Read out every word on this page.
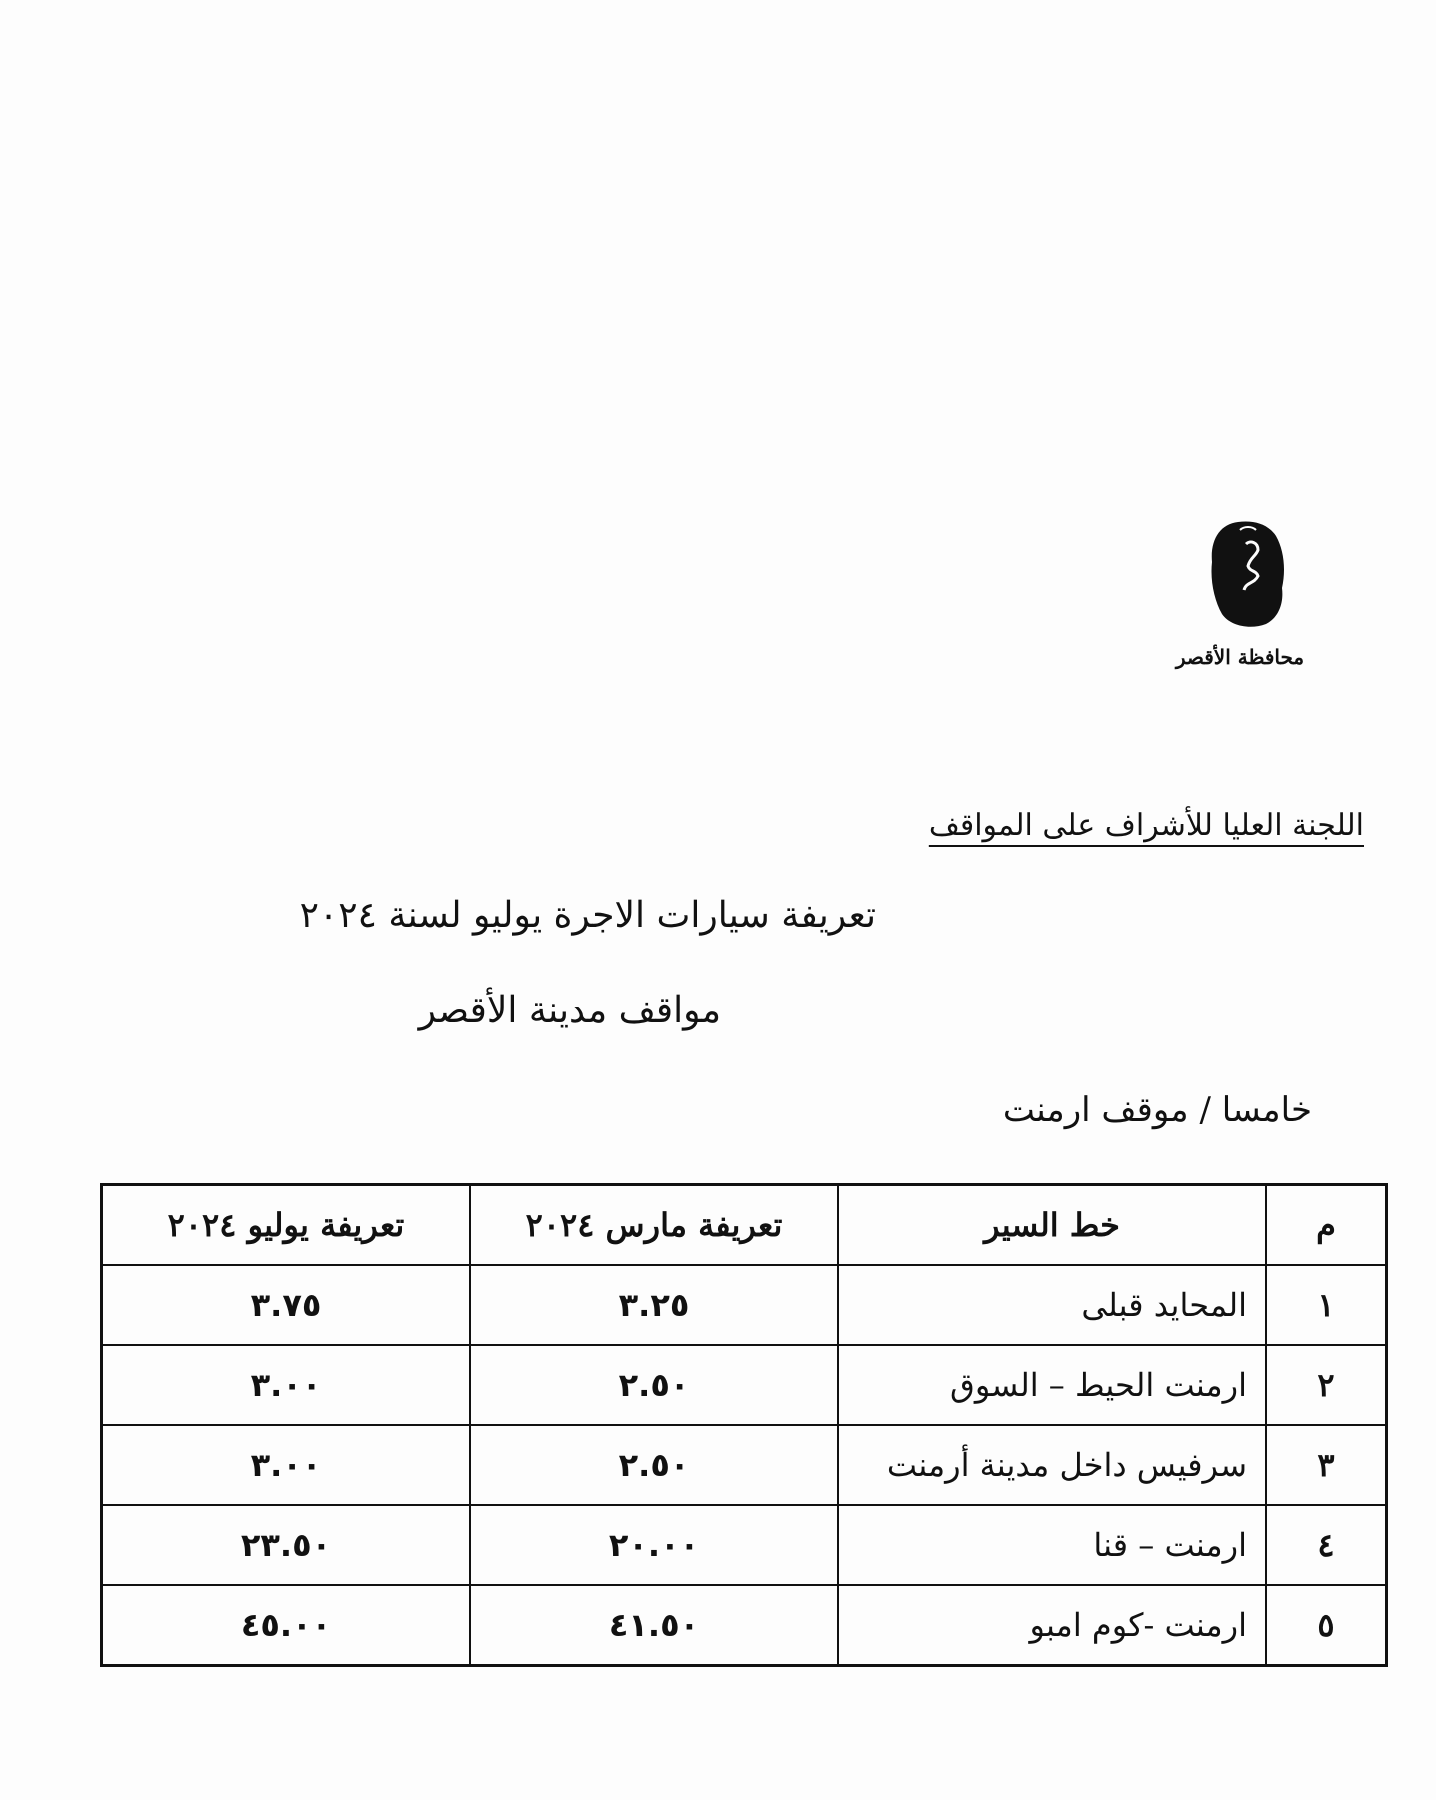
محافظة الأقصر
اللجنة العليا للأشراف على المواقف
تعريفة سيارات الاجرة يوليو لسنة ٢٠٢٤
مواقف مدينة الأقصر
خامسا / موقف ارمنت
م	خط السير	تعريفة مارس ٢٠٢٤	تعريفة يوليو ٢٠٢٤
١	المحايد قبلى	٣.٢٥	٣.٧٥
٢	ارمنت الحيط – السوق	٢.٥٠	٣.٠٠
٣	سرفيس داخل مدينة أرمنت	٢.٥٠	٣.٠٠
٤	ارمنت – قنا	٢٠.٠٠	٢٣.٥٠
٥	ارمنت -كوم امبو	٤١.٥٠	٤٥.٠٠
